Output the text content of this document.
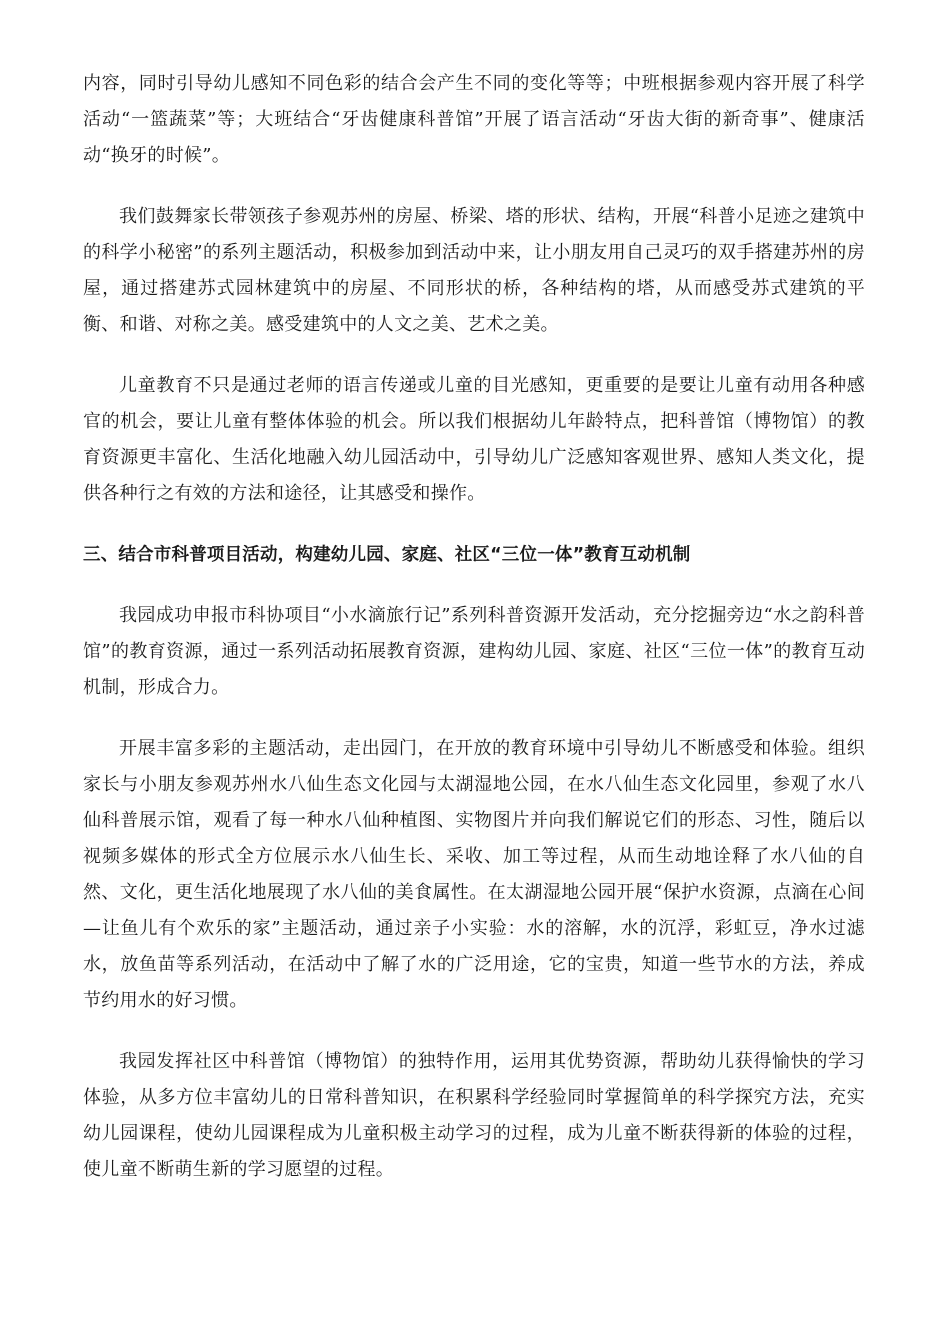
内容，同时引导幼儿感知不同色彩的结合会产生不同的变化等等；中班根据参观内容开展了科学活动“一篮蔬菜”等；大班结合“牙齿健康科普馆”开展了语言活动“牙齿大街的新奇事”、健康活动“换牙的时候”。

我们鼓舞家长带领孩子参观苏州的房屋、桥梁、塔的形状、结构，开展“科普小足迹之建筑中的科学小秘密”的系列主题活动，积极参加到活动中来，让小朋友用自己灵巧的双手搭建苏州的房屋，通过搭建苏式园林建筑中的房屋、不同形状的桥，各种结构的塔，从而感受苏式建筑的平衡、和谐、对称之美。感受建筑中的人文之美、艺术之美。

儿童教育不只是通过老师的语言传递或儿童的目光感知，更重要的是要让儿童有动用各种感官的机会，要让儿童有整体体验的机会。所以我们根据幼儿年龄特点，把科普馆（博物馆）的教育资源更丰富化、生活化地融入幼儿园活动中，引导幼儿广泛感知客观世界、感知人类文化，提供各种行之有效的方法和途径，让其感受和操作。

三、结合市科普项目活动，构建幼儿园、家庭、社区“三位一体”教育互动机制

我园成功申报市科协项目“小水滴旅行记”系列科普资源开发活动，充分挖掘旁边“水之韵科普馆”的教育资源，通过一系列活动拓展教育资源，建构幼儿园、家庭、社区“三位一体”的教育互动机制，形成合力。

开展丰富多彩的主题活动，走出园门，在开放的教育环境中引导幼儿不断感受和体验。组织家长与小朋友参观苏州水八仙生态文化园与太湖湿地公园，在水八仙生态文化园里，参观了水八仙科普展示馆，观看了每一种水八仙种植图、实物图片并向我们解说它们的形态、习性，随后以视频多媒体的形式全方位展示水八仙生长、采收、加工等过程，从而生动地诠释了水八仙的自然、文化，更生活化地展现了水八仙的美食属性。在太湖湿地公园开展“保护水资源，点滴在心间—让鱼儿有个欢乐的家”主题活动，通过亲子小实验：水的溶解，水的沉浮，彩虹豆，净水过滤水，放鱼苗等系列活动，在活动中了解了水的广泛用途，它的宝贵，知道一些节水的方法，养成节约用水的好习惯。

我园发挥社区中科普馆（博物馆）的独特作用，运用其优势资源，帮助幼儿获得愉快的学习体验，从多方位丰富幼儿的日常科普知识，在积累科学经验同时掌握简单的科学探究方法，充实幼儿园课程，使幼儿园课程成为儿童积极主动学习的过程，成为儿童不断获得新的体验的过程，使儿童不断萌生新的学习愿望的过程。
